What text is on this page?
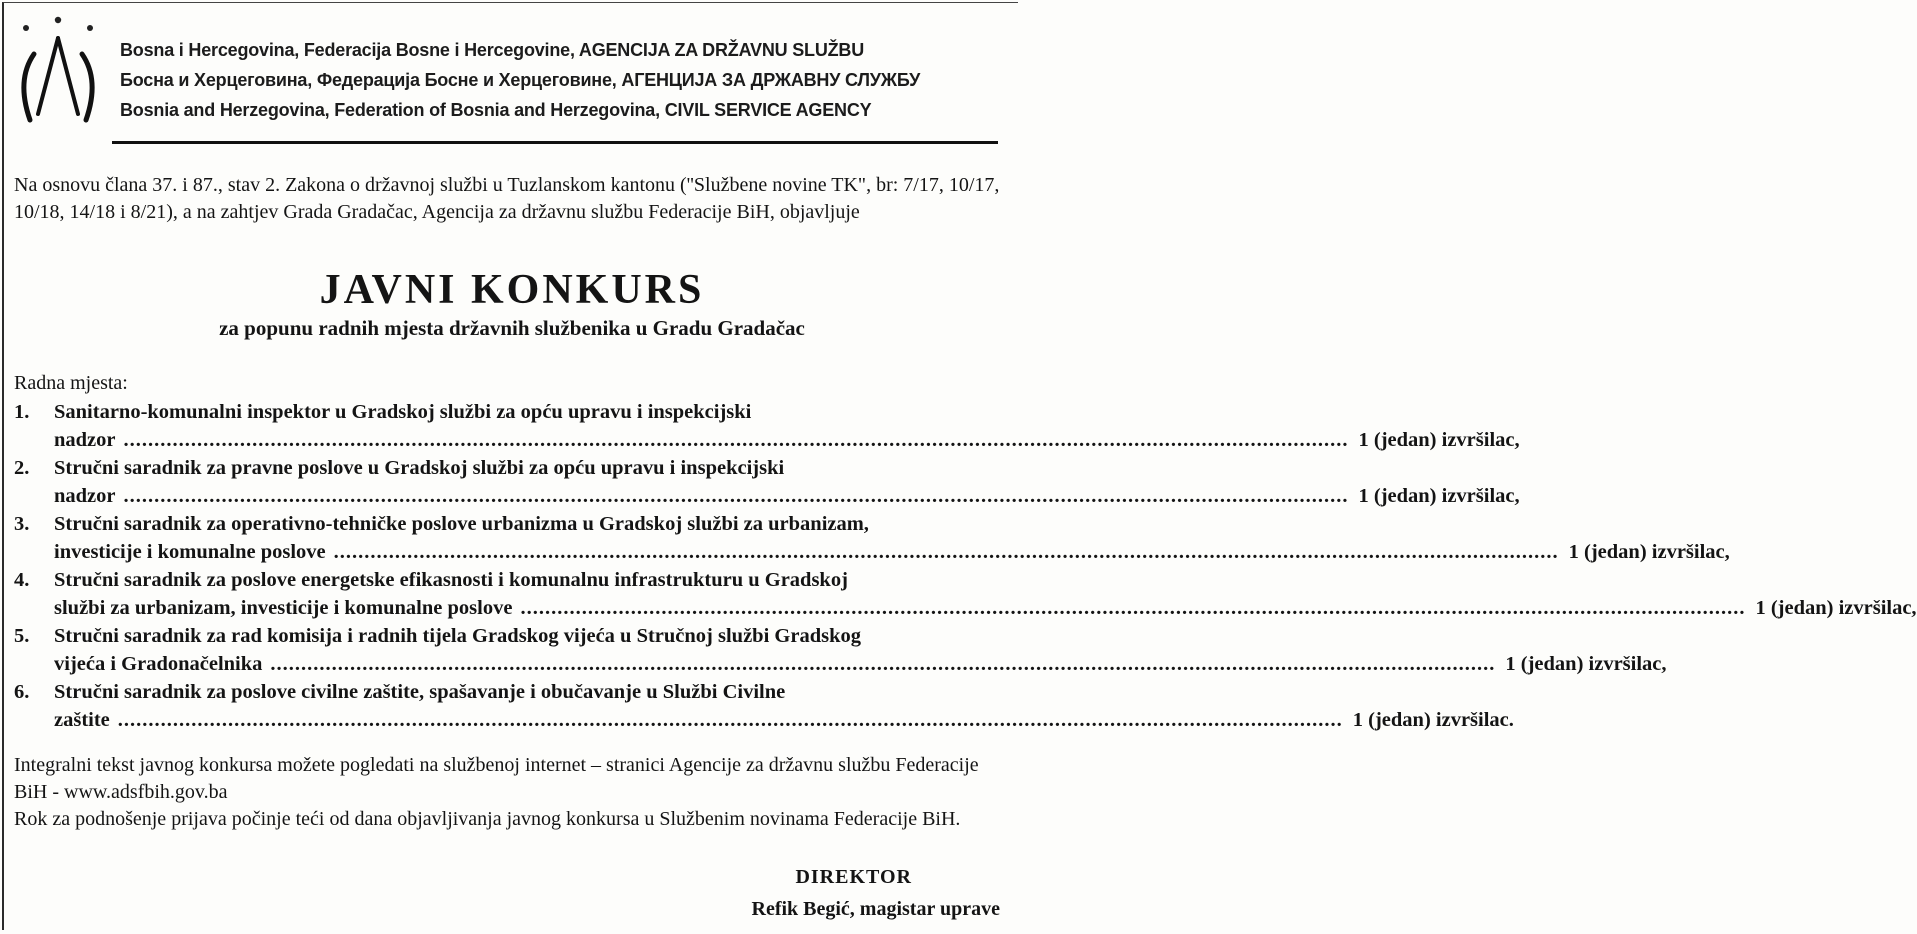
Bosna i Hercegovina, Federacija Bosne i Hercegovine, AGENCIJA ZA DRŽAVNU SLUŽBU
Босна и Херцеговина, Федерација Босне и Херцеговине, АГЕНЦИЈА ЗА ДРЖАВНУ СЛУЖБУ
Bosnia and Herzegovina, Federation of Bosnia and Herzegovina, CIVIL SERVICE AGENCY
Na osnovu člana 37. i 87., stav 2. Zakona o državnoj službi u Tuzlanskom kantonu (''Službene novine TK", br: 7/17, 10/17, 10/18, 14/18 i 8/21), a na zahtjev Grada Gradačac, Agencija za državnu službu Federacije BiH, objavljuje
JAVNI KONKURS
za popunu radnih mjesta državnih službenika u Gradu Gradačac
Radna mjesta:
1.	Sanitarno-komunalni inspektor u Gradskoj službi za opću upravu i inspekcijski
nadzor ........................................................................................................................................................................................................ 1 (jedan) izvršilac,
2.	Stručni saradnik za pravne poslove u Gradskoj službi za opću upravu i inspekcijski
nadzor ........................................................................................................................................................................................................ 1 (jedan) izvršilac,
3.	Stručni saradnik za operativno-tehničke poslove urbanizma u Gradskoj službi za urbanizam,
investicije i komunalne poslove ........................................................................................................................................................................................................ 1 (jedan) izvršilac,
4.	Stručni saradnik za poslove energetske efikasnosti i komunalnu infrastrukturu u Gradskoj
službi za urbanizam, investicije i komunalne poslove ........................................................................................................................................................................................................ 1 (jedan) izvršilac,
5.	Stručni saradnik za rad komisija i radnih tijela Gradskog vijeća u Stručnoj službi Gradskog
vijeća i Gradonačelnika ........................................................................................................................................................................................................ 1 (jedan) izvršilac,
6.	Stručni saradnik za poslove civilne zaštite, spašavanje i obučavanje u Službi Civilne
zaštite ........................................................................................................................................................................................................ 1 (jedan) izvršilac.
Integralni tekst javnog konkursa možete pogledati na službenoj internet – stranici Agencije za državnu službu Federacije BiH - www.adsfbih.gov.ba
Rok za podnošenje prijava počinje teći od dana objavljivanja javnog konkursa u Službenim novinama Federacije BiH.
DIREKTOR
Refik Begić, magistar uprave
